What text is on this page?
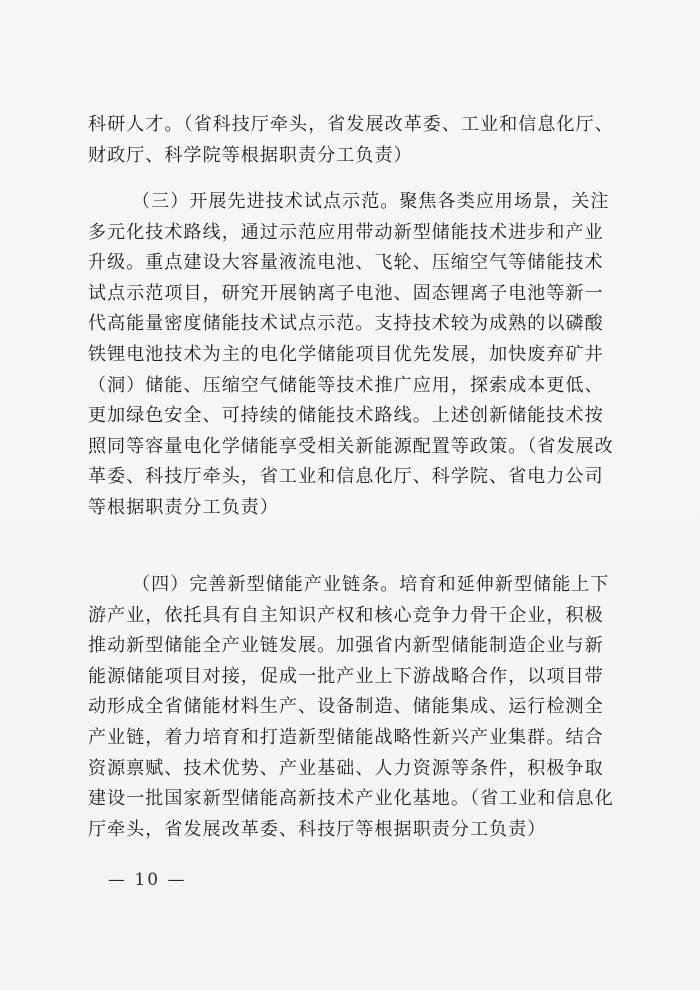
科研人才。（省科技厅牵头，省发展改革委、工业和信息化厅、
财政厅、科学院等根据职责分工负责）
（三）开展先进技术试点示范。聚焦各类应用场景，关注
多元化技术路线，通过示范应用带动新型储能技术进步和产业
升级。重点建设大容量液流电池、飞轮、压缩空气等储能技术
试点示范项目，研究开展钠离子电池、固态锂离子电池等新一
代高能量密度储能技术试点示范。支持技术较为成熟的以磷酸
铁锂电池技术为主的电化学储能项目优先发展，加快废弃矿井
（洞）储能、压缩空气储能等技术推广应用，探索成本更低、
更加绿色安全、可持续的储能技术路线。上述创新储能技术按
照同等容量电化学储能享受相关新能源配置等政策。（省发展改
革委、科技厅牵头，省工业和信息化厅、科学院、省电力公司
等根据职责分工负责）
（四）完善新型储能产业链条。培育和延伸新型储能上下
游产业，依托具有自主知识产权和核心竞争力骨干企业，积极
推动新型储能全产业链发展。加强省内新型储能制造企业与新
能源储能项目对接，促成一批产业上下游战略合作，以项目带
动形成全省储能材料生产、设备制造、储能集成、运行检测全
产业链，着力培育和打造新型储能战略性新兴产业集群。结合
资源禀赋、技术优势、产业基础、人力资源等条件，积极争取
建设一批国家新型储能高新技术产业化基地。（省工业和信息化
厅牵头，省发展改革委、科技厅等根据职责分工负责）
— 10 —
